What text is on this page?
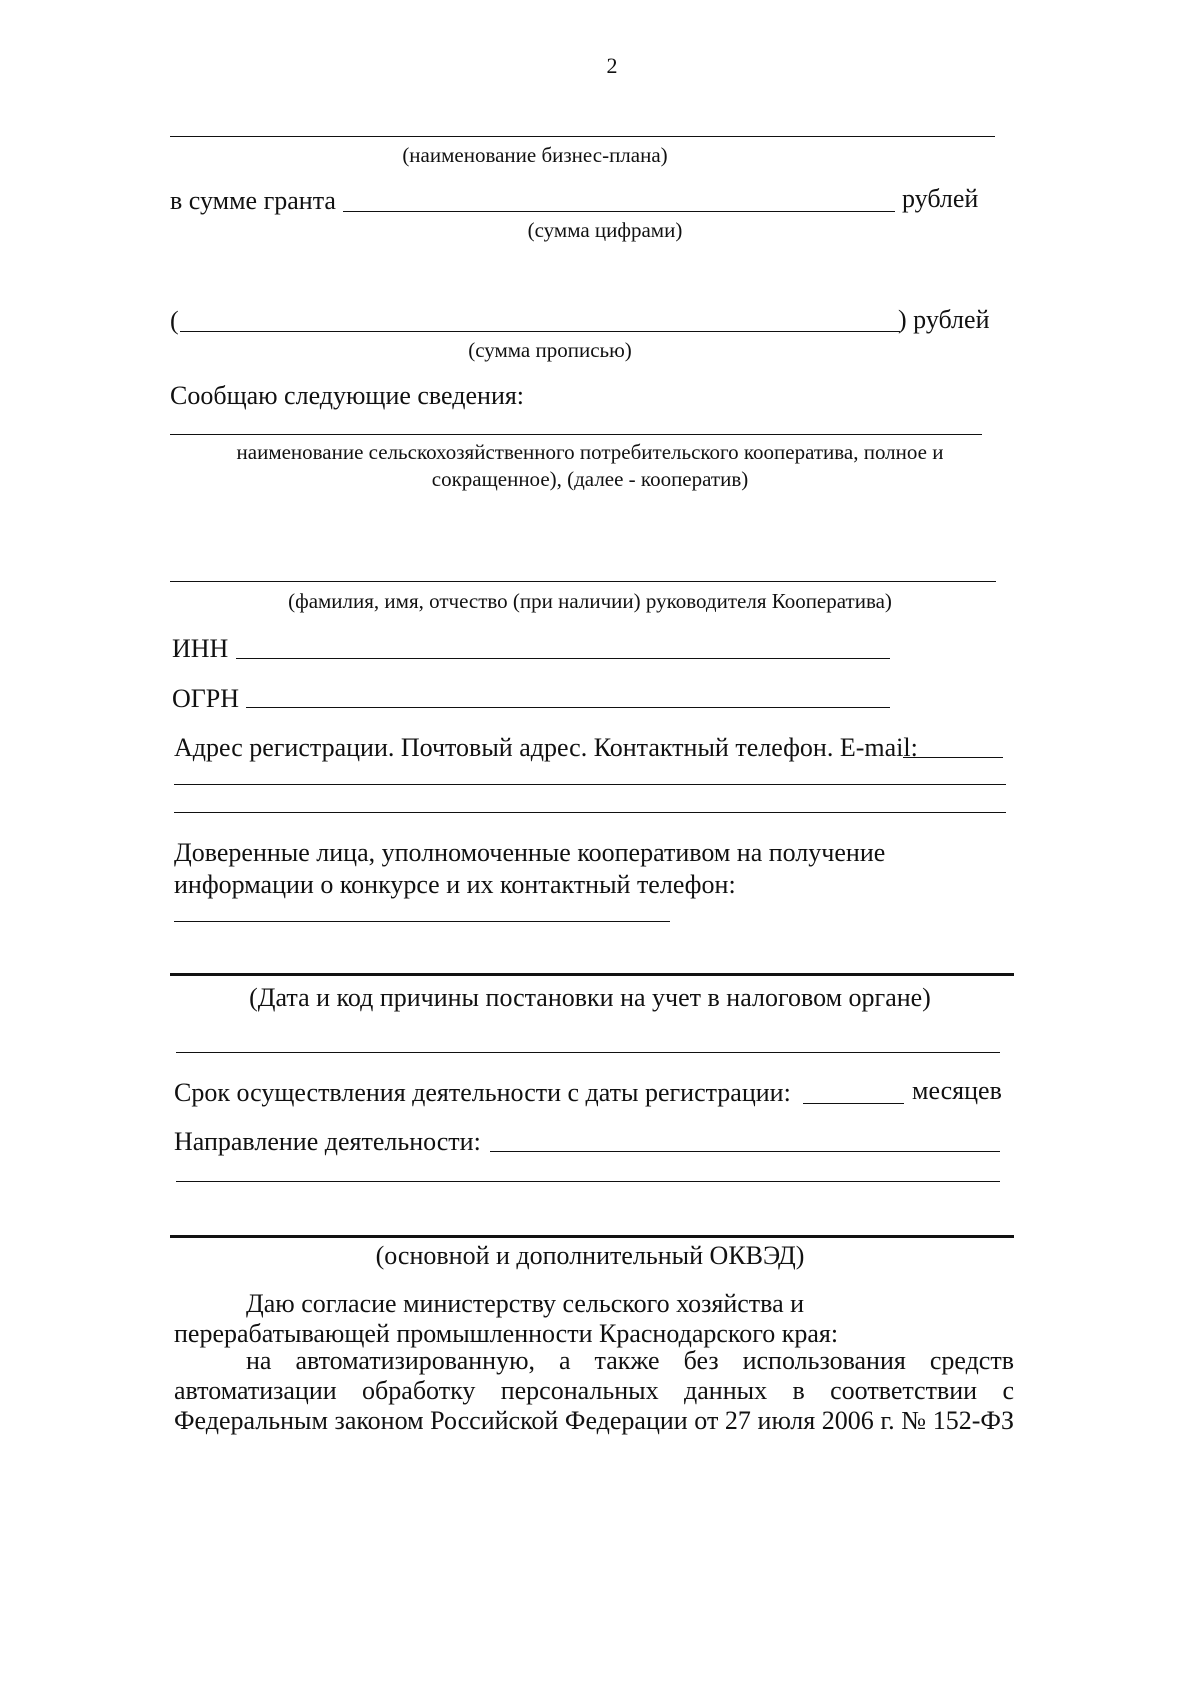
2
(наименование бизнес-плана)
в сумме гранта	рублей
(сумма цифрами)
(	) рублей
(сумма прописью)
Сообщаю следующие сведения:
наименование сельскохозяйственного потребительского кооператива, полное и
сокращенное), (далее - кооператив)
(фамилия, имя, отчество (при наличии) руководителя Кооператива)
ИНН
ОГРН
Адрес регистрации. Почтовый адрес. Контактный телефон. E-mail:
Доверенные лица, уполномоченные кооперативом на получение
информации о конкурсе и их контактный телефон:
(Дата и код причины постановки на учет в налоговом органе)
Срок осуществления деятельности с даты регистрации:	месяцев
Направление деятельности:
(основной и дополнительный ОКВЭД)
Даю согласие министерству сельского хозяйства и перерабатывающей промышленности Краснодарского края:
на автоматизированную, а также без использования средств
автоматизации обработку персональных данных в соответствии с
Федеральным законом Российской Федерации от 27 июля 2006 г. № 152-ФЗ
